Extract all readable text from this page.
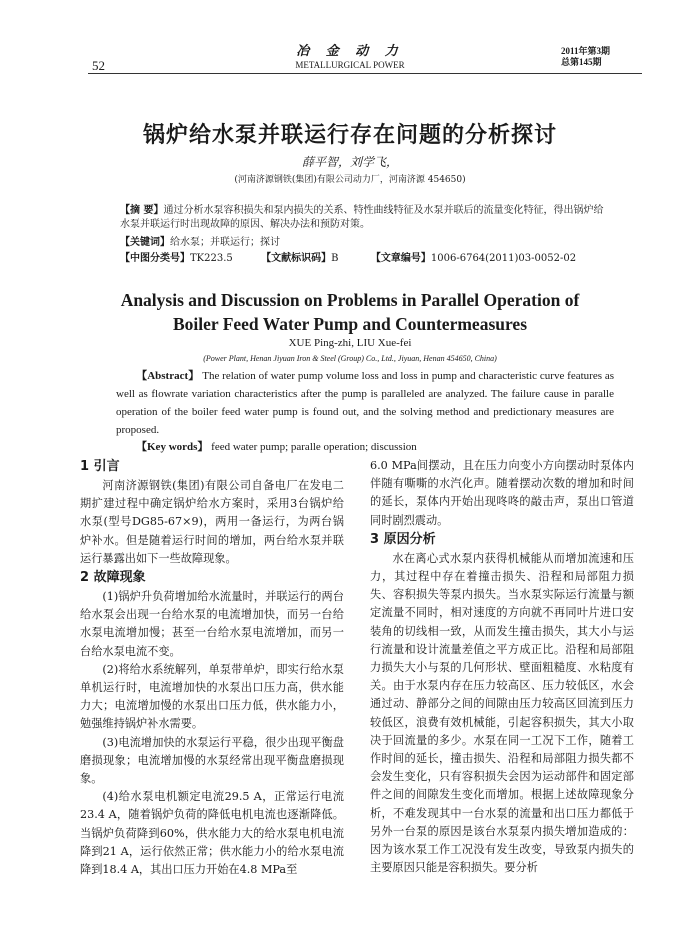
52
冶 金 动 力
METALLURGICAL POWER
2011年第3期
总第145期
锅炉给水泵并联运行存在问题的分析探讨
薛平智，刘学飞，
(河南济源钢铁(集团)有限公司动力厂，河南济源 454650)
【摘 要】通过分析水泵容积损失和泵内损失的关系、特性曲线特征及水泵并联后的流量变化特征，得出锅炉给水泵并联运行时出现故障的原因、解决办法和预防对策。
【关键词】给水泵；并联运行；探讨
【中图分类号】TK223.5	【文献标识码】B	【文章编号】1006-6764(2011)03-0052-02
Analysis and Discussion on Problems in Parallel Operation of
Boiler Feed Water Pump and Countermeasures
XUE Ping-zhi, LIU Xue-fei
(Power Plant, Henan Jiyuan Iron & Steel (Group) Co., Ltd., Jiyuan, Henan 454650, China)
【Abstract】 The relation of water pump volume loss and loss in pump and characteristic curve features as well as flowrate variation characteristics after the pump is paralleled are analyzed. The failure cause in paralle operation of the boiler feed water pump is found out, and the solving method and predictionary measures are proposed.
【Key words】 feed water pump; paralle operation; discussion
1 引言

河南济源钢铁(集团)有限公司自备电厂在发电二期扩建过程中确定锅炉给水方案时，采用3台锅炉给水泵(型号DG85-67×9)，两用一备运行，为两台锅炉补水。但是随着运行时间的增加，两台给水泵并联运行暴露出如下一些故障现象。

2 故障现象

(1)锅炉升负荷增加给水流量时，并联运行的两台给水泵会出现一台给水泵的电流增加快，而另一台给水泵电流增加慢；甚至一台给水泵电流增加，而另一台给水泵电流不变。

(2)将给水系统解列，单泵带单炉，即实行给水泵单机运行时，电流增加快的水泵出口压力高，供水能力大；电流增加慢的水泵出口压力低，供水能力小，勉强维持锅炉补水需要。

(3)电流增加快的水泵运行平稳，很少出现平衡盘磨损现象；电流增加慢的水泵经常出现平衡盘磨损现象。

(4)给水泵电机额定电流29.5 A，正常运行电流23.4 A，随着锅炉负荷的降低电机电流也逐渐降低。当锅炉负荷降到60%，供水能力大的给水泵电机电流降到21 A，运行依然正常；供水能力小的给水泵电流降到18.4 A，其出口压力开始在4.8 MPa至

6.0 MPa间摆动，且在压力向变小方向摆动时泵体内伴随有嘶嘶的水汽化声。随着摆动次数的增加和时间的延长，泵体内开始出现咚咚的敲击声，泵出口管道同时剧烈震动。

3 原因分析

水在离心式水泵内获得机械能从而增加流速和压力，其过程中存在着撞击损失、沿程和局部阻力损失、容积损失等泵内损失。当水泵实际运行流量与额定流量不同时，相对速度的方向就不再同叶片进口安装角的切线相一致，从而发生撞击损失，其大小与运行流量和设计流量差值之平方成正比。沿程和局部阻力损失大小与泵的几何形状、壁面粗糙度、水粘度有关。由于水泵内存在压力较高区、压力较低区，水会通过动、静部分之间的间隙由压力较高区回流到压力较低区，浪费有效机械能，引起容积损失，其大小取决于回流量的多少。水泵在同一工况下工作，随着工作时间的延长，撞击损失、沿程和局部阻力损失都不会发生变化，只有容积损失会因为运动部件和固定部件之间的间隙发生变化而增加。根据上述故障现象分析，不难发现其中一台水泵的流量和出口压力都低于另外一台泵的原因是该台水泵泵内损失增加造成的：因为该水泵工作工况没有发生改变，导致泵内损失的主要原因只能是容积损失。要分析
